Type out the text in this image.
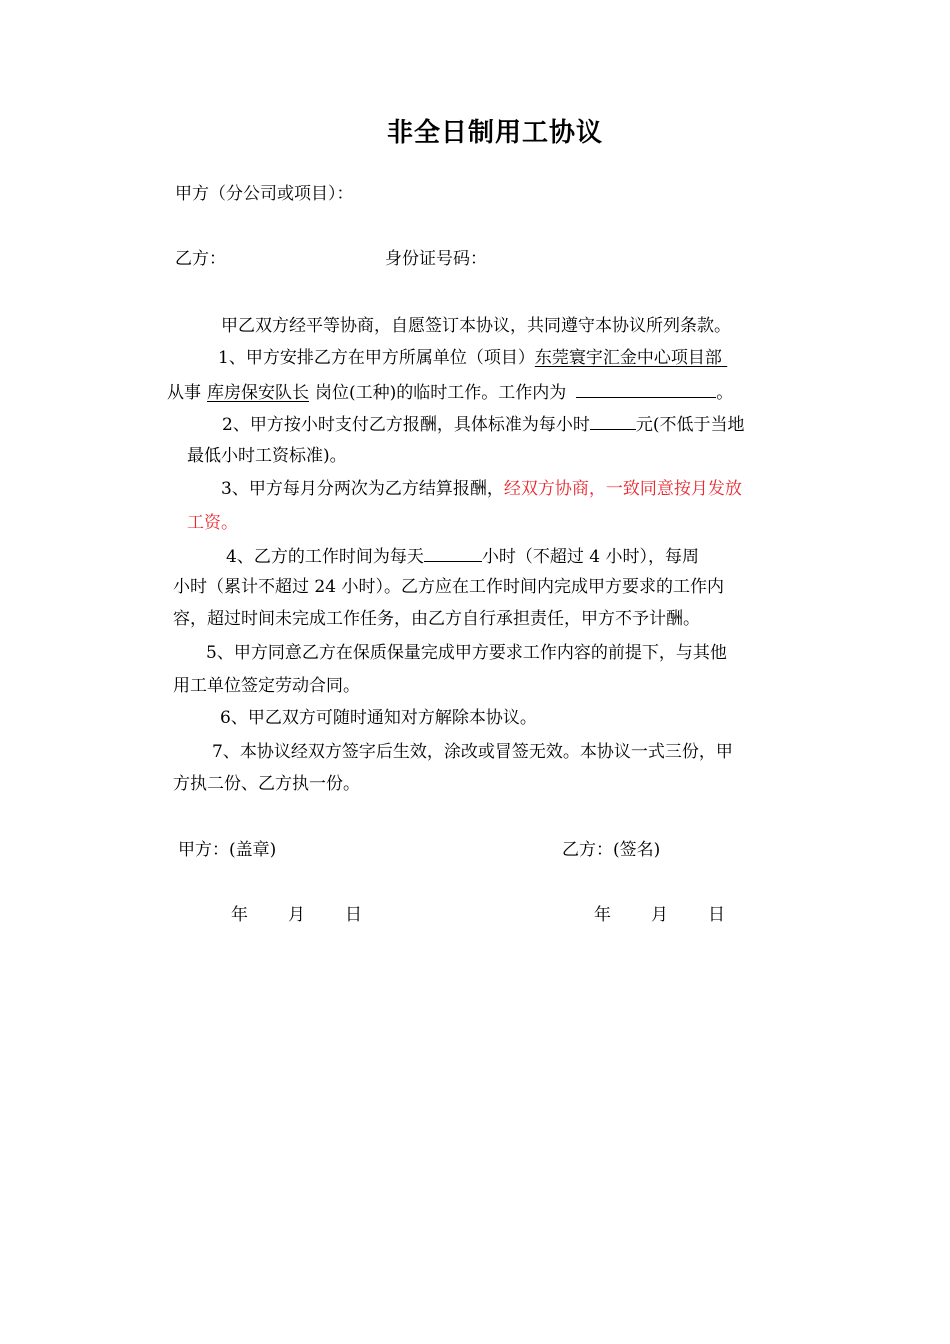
非全日制用工协议
甲方（分公司或项目）：
乙方：	身份证号码：
甲乙双方经平等协商，自愿签订本协议，共同遵守本协议所列条款。
1、甲方安排乙方在甲方所属单位（项目）东莞寰宇汇金中心项目部
从事 库房保安队长 岗位(工种)的临时工作。工作内为	。
2、甲方按小时支付乙方报酬，具体标准为每小时	元(不低于当地
最低小时工资标准)。
3、甲方每月分两次为乙方结算报酬，经双方协商，一致同意按月发放
工资。
4、乙方的工作时间为每天	小时（不超过 4 小时），每周
小时（累计不超过 24 小时）。乙方应在工作时间内完成甲方要求的工作内
容，超过时间未完成工作任务，由乙方自行承担责任，甲方不予计酬。
5、甲方同意乙方在保质保量完成甲方要求工作内容的前提下，与其他
用工单位签定劳动合同。
6、甲乙双方可随时通知对方解除本协议。
7、本协议经双方签字后生效，涂改或冒签无效。本协议一式三份，甲
方执二份、乙方执一份。
甲方：(盖章)	乙方：(签名)
年 月 日	年 月 日
